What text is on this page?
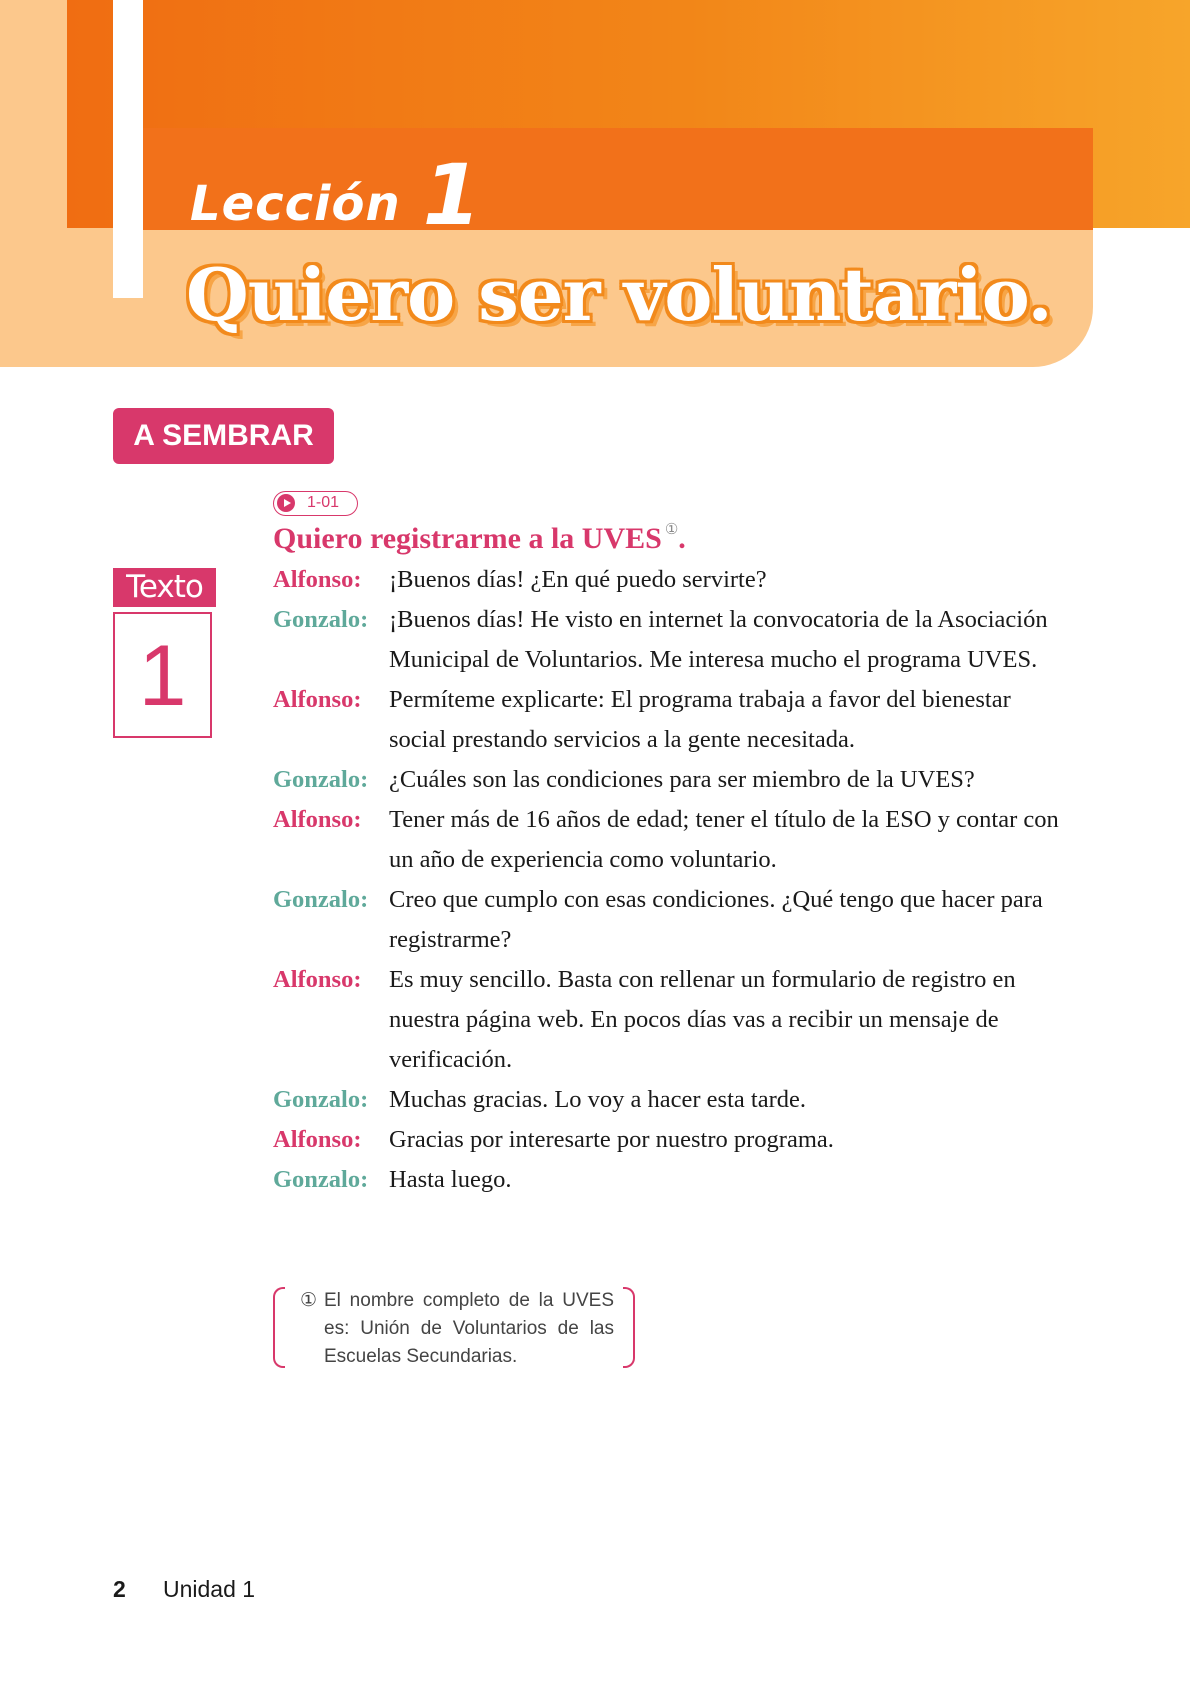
Lección 1
Quiero ser voluntario.
A SEMBRAR
Texto
1
1-01
Quiero registrarme a la UVES ①.
Alfonso:	¡Buenos días! ¿En qué puedo servirte?
Gonzalo: ¡Buenos días! He visto en internet la convocatoria de la Asociación Municipal de Voluntarios. Me interesa mucho el programa UVES.
Alfonso:	Permíteme explicarte: El programa trabaja a favor del bienestar social prestando servicios a la gente necesitada.
Gonzalo: ¿Cuáles son las condiciones para ser miembro de la UVES?
Alfonso:	Tener más de 16 años de edad; tener el título de la ESO y contar con un año de experiencia como voluntario.
Gonzalo: Creo que cumplo con esas condiciones. ¿Qué tengo que hacer para registrarme?
Alfonso:	Es muy sencillo. Basta con rellenar un formulario de registro en nuestra página web. En pocos días vas a recibir un mensaje de verificación.
Gonzalo: Muchas gracias. Lo voy a hacer esta tarde.
Alfonso:	Gracias por interesarte por nuestro programa.
Gonzalo: Hasta luego.
① El nombre completo de la UVES es: Unión de Voluntarios de las Escuelas Secundarias.
2 Unidad 1
